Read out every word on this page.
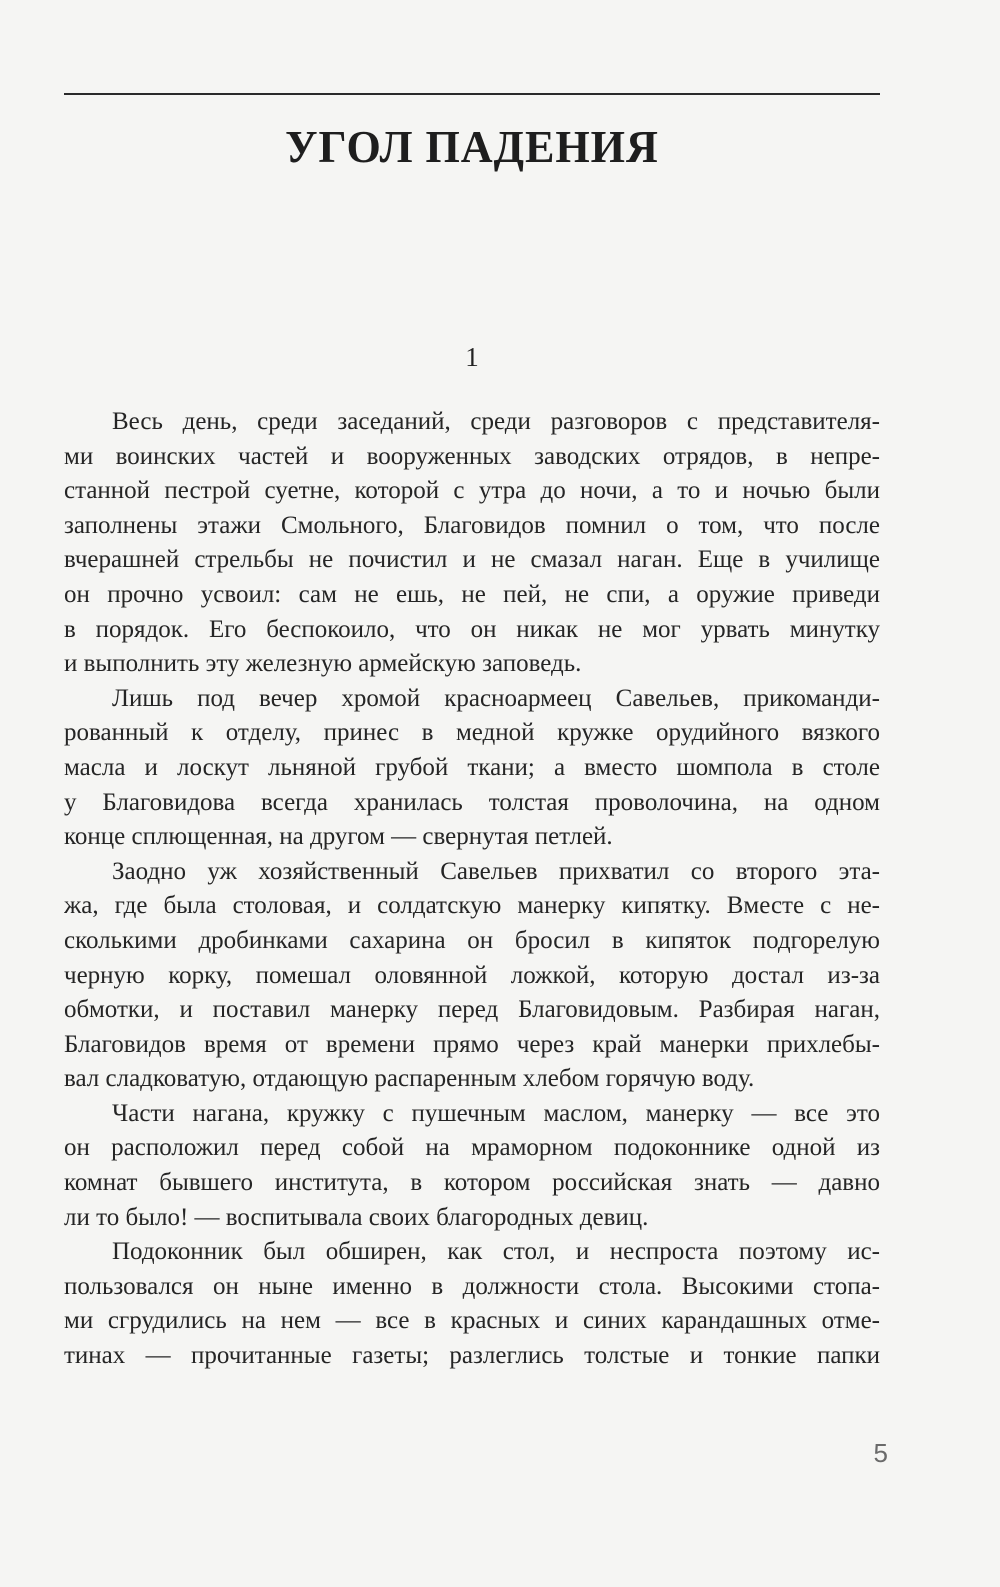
УГОЛ ПАДЕНИЯ
1

Весь день, среди заседаний, среди разговоров с представителя-
ми воинских частей и вооруженных заводских отрядов, в непре-
станной пестрой суетне, которой с утра до ночи, а то и ночью были
заполнены этажи Смольного, Благовидов помнил о том, что после
вчерашней стрельбы не почистил и не смазал наган. Еще в училище
он прочно усвоил: сам не ешь, не пей, не спи, а оружие приведи
в порядок. Его беспокоило, что он никак не мог урвать минутку
и выполнить эту железную армейскую заповедь.

Лишь под вечер хромой красноармеец Савельев, прикоманди-
рованный к отделу, принес в медной кружке орудийного вязкого
масла и лоскут льняной грубой ткани; а вместо шомпола в столе
у Благовидова всегда хранилась толстая проволочина, на одном
конце сплющенная, на другом — свернутая петлей.

Заодно уж хозяйственный Савельев прихватил со второго эта-
жа, где была столовая, и солдатскую манерку кипятку. Вместе с не-
сколькими дробинками сахарина он бросил в кипяток подгорелую
черную корку, помешал оловянной ложкой, которую достал из-за
обмотки, и поставил манерку перед Благовидовым. Разбирая наган,
Благовидов время от времени прямо через край манерки прихлебы-
вал сладковатую, отдающую распаренным хлебом горячую воду.

Части нагана, кружку с пушечным маслом, манерку — все это
он расположил перед собой на мраморном подоконнике одной из
комнат бывшего института, в котором российская знать — давно
ли то было! — воспитывала своих благородных девиц.

Подоконник был обширен, как стол, и неспроста поэтому ис-
пользовался он ныне именно в должности стола. Высокими стопа-
ми сгрудились на нем — все в красных и синих карандашных отме-
тинах — прочитанные газеты; разлеглись толстые и тонкие папки

5
